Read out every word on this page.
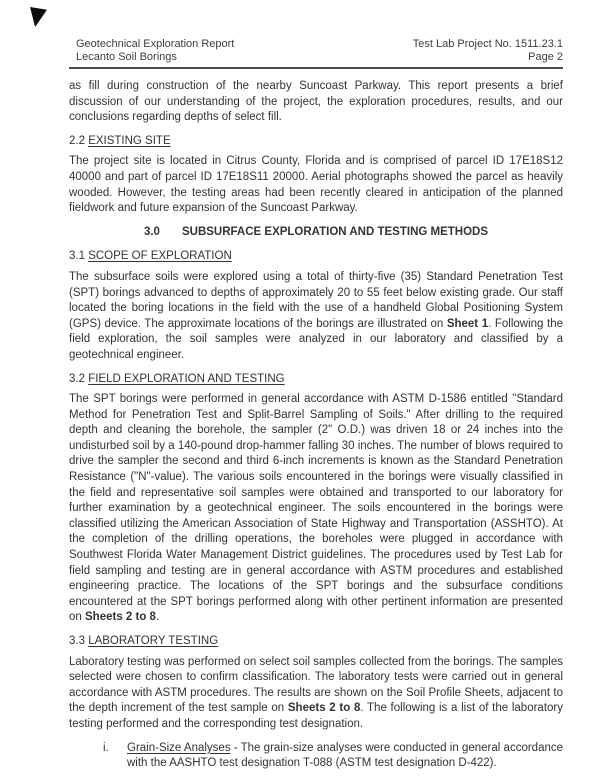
Geotechnical Exploration Report
Lecanto Soil Borings
Test Lab Project No. 1511.23.1
Page 2

as fill during construction of the nearby Suncoast Parkway. This report presents a brief discussion of our understanding of the project, the exploration procedures, results, and our conclusions regarding depths of select fill.

2.2 EXISTING SITE

The project site is located in Citrus County, Florida and is comprised of parcel ID 17E18S12 40000 and part of parcel ID 17E18S11 20000. Aerial photographs showed the parcel as heavily wooded. However, the testing areas had been recently cleared in anticipation of the planned fieldwork and future expansion of the Suncoast Parkway.

3.0 SUBSURFACE EXPLORATION AND TESTING METHODS
3.1 SCOPE OF EXPLORATION

The subsurface soils were explored using a total of thirty-five (35) Standard Penetration Test (SPT) borings advanced to depths of approximately 20 to 55 feet below existing grade. Our staff located the boring locations in the field with the use of a handheld Global Positioning System (GPS) device. The approximate locations of the borings are illustrated on Sheet 1. Following the field exploration, the soil samples were analyzed in our laboratory and classified by a geotechnical engineer.

3.2 FIELD EXPLORATION AND TESTING

The SPT borings were performed in general accordance with ASTM D-1586 entitled "Standard Method for Penetration Test and Split-Barrel Sampling of Soils." After drilling to the required depth and cleaning the borehole, the sampler (2" O.D.) was driven 18 or 24 inches into the undisturbed soil by a 140-pound drop-hammer falling 30 inches. The number of blows required to drive the sampler the second and third 6-inch increments is known as the Standard Penetration Resistance ("N"-value). The various soils encountered in the borings were visually classified in the field and representative soil samples were obtained and transported to our laboratory for further examination by a geotechnical engineer. The soils encountered in the borings were classified utilizing the American Association of State Highway and Transportation (ASSHTO). At the completion of the drilling operations, the boreholes were plugged in accordance with Southwest Florida Water Management District guidelines. The procedures used by Test Lab for field sampling and testing are in general accordance with ASTM procedures and established engineering practice. The locations of the SPT borings and the subsurface conditions encountered at the SPT borings performed along with other pertinent information are presented on Sheets 2 to 8.

3.3 LABORATORY TESTING

Laboratory testing was performed on select soil samples collected from the borings. The samples selected were chosen to confirm classification. The laboratory tests were carried out in general accordance with ASTM procedures. The results are shown on the Soil Profile Sheets, adjacent to the depth increment of the test sample on Sheets 2 to 8. The following is a list of the laboratory testing performed and the corresponding test designation.

i.	Grain-Size Analyses - The grain-size analyses were conducted in general accordance with the AASHTO test designation T-088 (ASTM test designation D-422).
